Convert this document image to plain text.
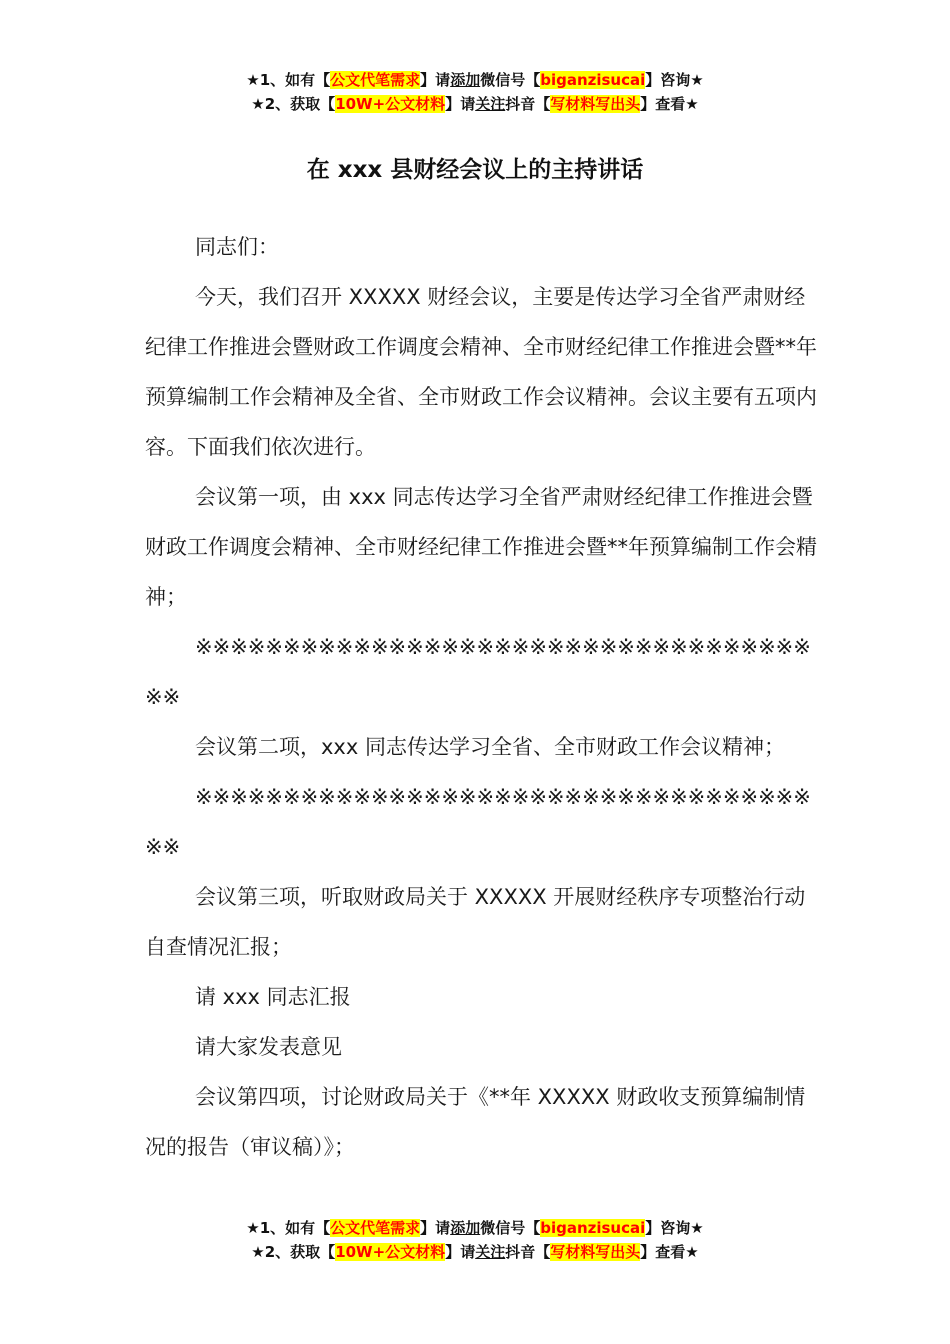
★1、如有【公文代笔需求】请添加微信号【biganzisucai】咨询★
★2、获取【10W+公文材料】请关注抖音【写材料写出头】查看★
在 xxx 县财经会议上的主持讲话

同志们：

今天，我们召开 XXXXX 财经会议，主要是传达学习全省严肃财经纪律工作推进会暨财政工作调度会精神、全市财经纪律工作推进会暨**年预算编制工作会精神及全省、全市财政工作会议精神。会议主要有五项内容。下面我们依次进行。

会议第一项，由 xxx 同志传达学习全省严肃财经纪律工作推进会暨财政工作调度会精神、全市财经纪律工作推进会暨**年预算编制工作会精神；

※※※※※※※※※※※※※※※※※※※※※※※※※※※※※※※※※※※※※

会议第二项，xxx 同志传达学习全省、全市财政工作会议精神；

※※※※※※※※※※※※※※※※※※※※※※※※※※※※※※※※※※※※※

会议第三项，听取财政局关于 XXXXX 开展财经秩序专项整治行动自查情况汇报；

请 xxx 同志汇报

请大家发表意见

会议第四项，讨论财政局关于《**年 XXXXX 财政收支预算编制情况的报告（审议稿）》；

★1、如有【公文代笔需求】请添加微信号【biganzisucai】咨询★
★2、获取【10W+公文材料】请关注抖音【写材料写出头】查看★
